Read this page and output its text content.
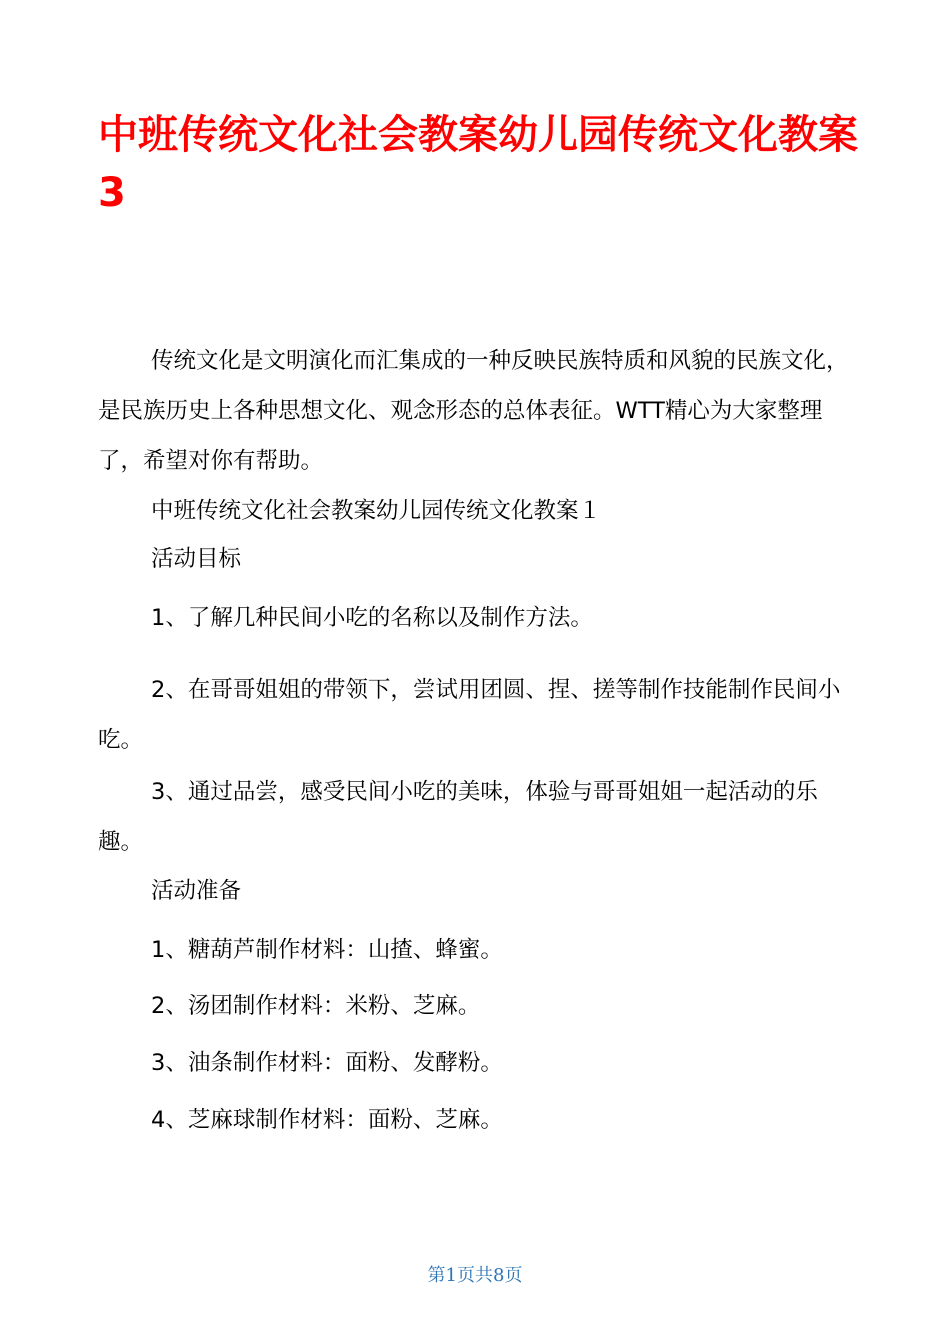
中班传统文化社会教案幼儿园传统文化教案3

传统文化是文明演化而汇集成的一种反映民族特质和风貌的民族文化，是民族历史上各种思想文化、观念形态的总体表征。WTT精心为大家整理了，希望对你有帮助。

中班传统文化社会教案幼儿园传统文化教案１

活动目标

1、了解几种民间小吃的名称以及制作方法。

2、在哥哥姐姐的带领下，尝试用团圆、捏、搓等制作技能制作民间小吃。

3、通过品尝，感受民间小吃的美味，体验与哥哥姐姐一起活动的乐趣。

活动准备

1、糖葫芦制作材料：山揸、蜂蜜。

2、汤团制作材料：米粉、芝麻。

3、油条制作材料：面粉、发酵粉。

4、芝麻球制作材料：面粉、芝麻。

第1页共8页
